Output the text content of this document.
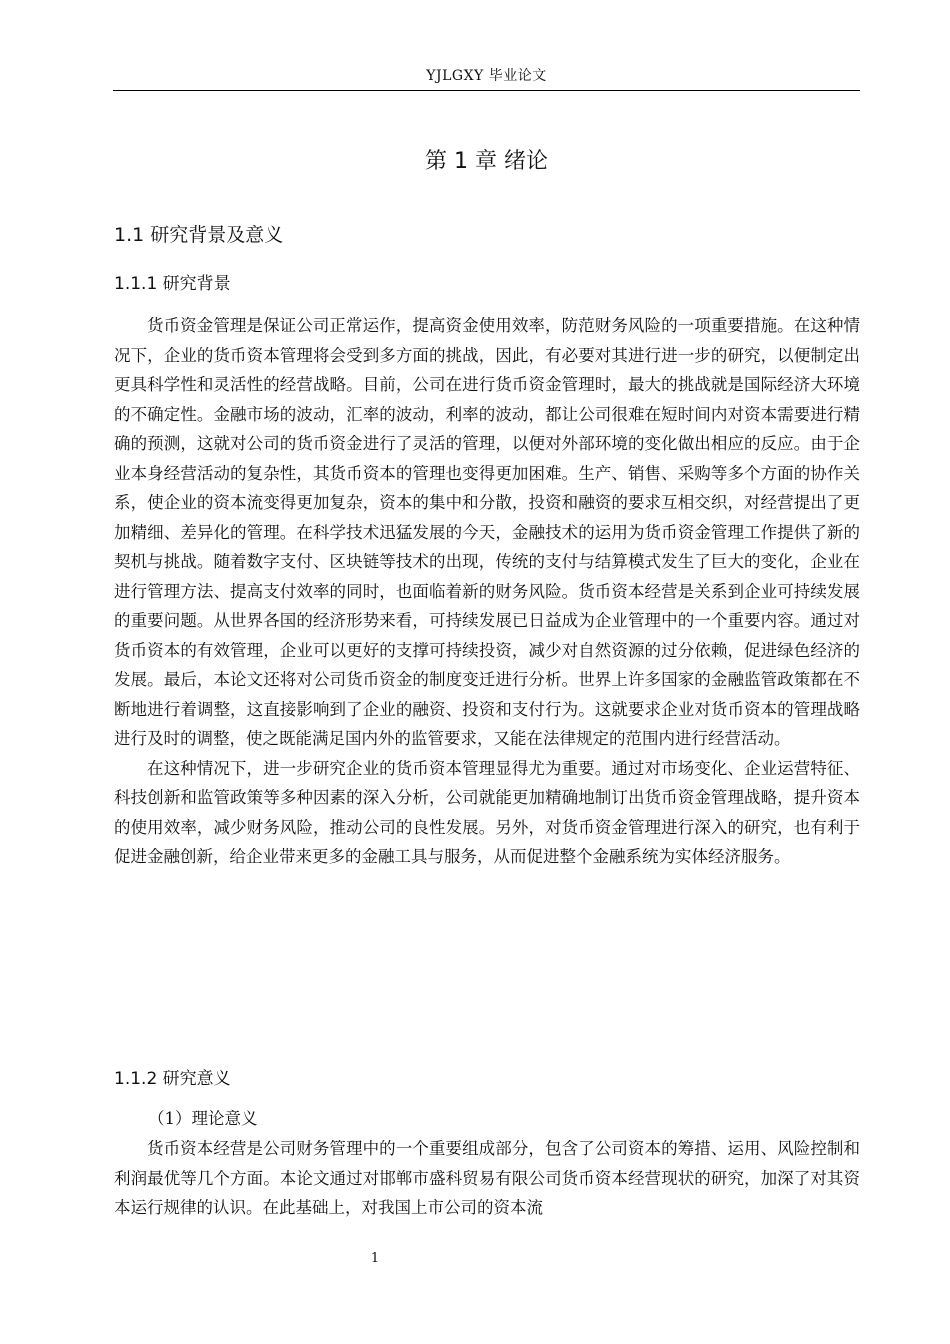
YJLGXY 毕业论文
第 1 章 绪论
1.1 研究背景及意义
1.1.1 研究背景

货币资金管理是保证公司正常运作，提高资金使用效率，防范财务风险的一项重要措施。在这种情况下，企业的货币资本管理将会受到多方面的挑战，因此，有必要对其进行进一步的研究，以便制定出更具科学性和灵活性的经营战略。目前，公司在进行货币资金管理时，最大的挑战就是国际经济大环境的不确定性。金融市场的波动，汇率的波动，利率的波动，都让公司很难在短时间内对资本需要进行精确的预测，这就对公司的货币资金进行了灵活的管理，以便对外部环境的变化做出相应的反应。由于企业本身经营活动的复杂性，其货币资本的管理也变得更加困难。生产、销售、采购等多个方面的协作关系，使企业的资本流变得更加复杂，资本的集中和分散，投资和融资的要求互相交织，对经营提出了更加精细、差异化的管理。在科学技术迅猛发展的今天，金融技术的运用为货币资金管理工作提供了新的契机与挑战。随着数字支付、区块链等技术的出现，传统的支付与结算模式发生了巨大的变化，企业在进行管理方法、提高支付效率的同时，也面临着新的财务风险。货币资本经营是关系到企业可持续发展的重要问题。从世界各国的经济形势来看，可持续发展已日益成为企业管理中的一个重要内容。通过对货币资本的有效管理，企业可以更好的支撑可持续投资，减少对自然资源的过分依赖，促进绿色经济的发展。最后，本论文还将对公司货币资金的制度变迁进行分析。世界上许多国家的金融监管政策都在不断地进行着调整，这直接影响到了企业的融资、投资和支付行为。这就要求企业对货币资本的管理战略进行及时的调整，使之既能满足国内外的监管要求，又能在法律规定的范围内进行经营活动。

在这种情况下，进一步研究企业的货币资本管理显得尤为重要。通过对市场变化、企业运营特征、科技创新和监管政策等多种因素的深入分析，公司就能更加精确地制订出货币资金管理战略，提升资本的使用效率，减少财务风险，推动公司的良性发展。另外，对货币资金管理进行深入的研究，也有利于促进金融创新，给企业带来更多的金融工具与服务，从而促进整个金融系统为实体经济服务。

1.1.2 研究意义
（1）理论意义

货币资本经营是公司财务管理中的一个重要组成部分，包含了公司资本的筹措、运用、风险控制和利润最优等几个方面。本论文通过对邯郸市盛科贸易有限公司货币资本经营现状的研究，加深了对其资本运行规律的认识。在此基础上，对我国上市公司的资本流

1
